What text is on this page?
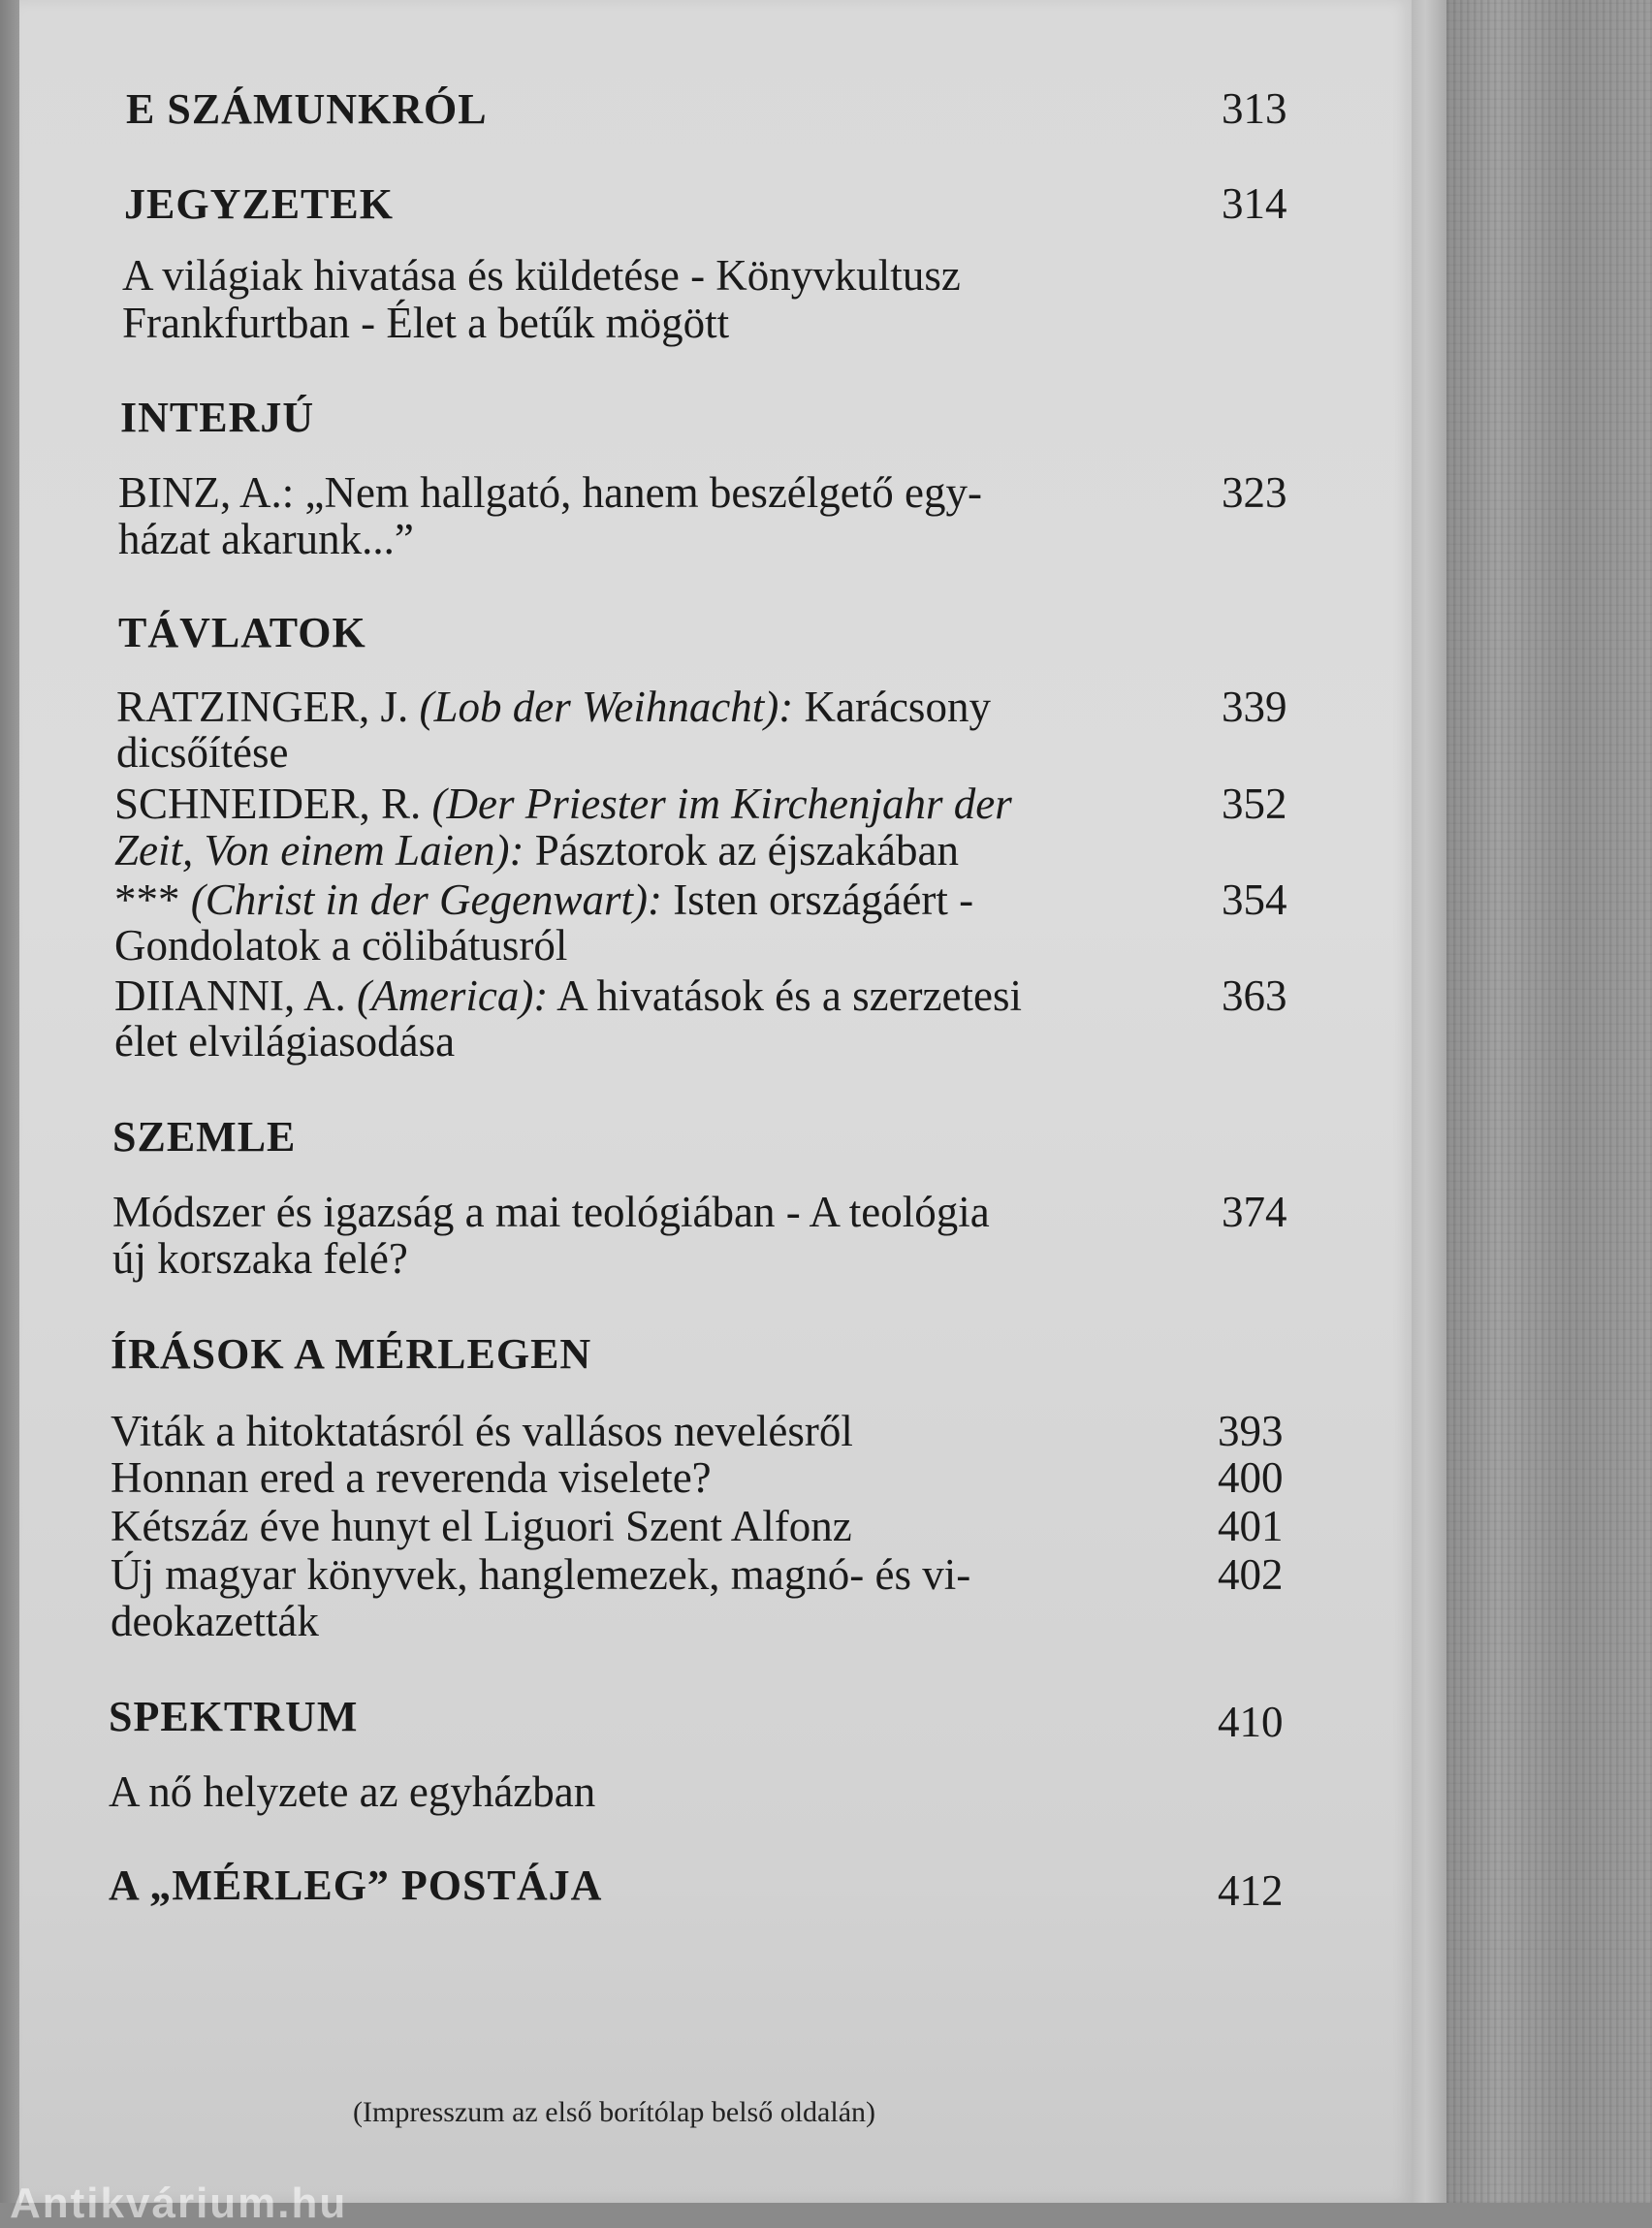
E SZÁMUNKRÓL	313
JEGYZETEK	314
A világiak hivatása és küldetése - Könyvkultusz
Frankfurtban - Élet a betűk mögött
INTERJÚ
BINZ, A.: „Nem hallgató, hanem beszélgető egy-	323
házat akarunk...”
TÁVLATOK
RATZINGER, J. (Lob der Weihnacht): Karácsony	339
dicsőítése
SCHNEIDER, R. (Der Priester im Kirchenjahr der	352
Zeit, Von einem Laien): Pásztorok az éjszakában
*** (Christ in der Gegenwart): Isten országáért -	354
Gondolatok a cölibátusról
DIIANNI, A. (America): A hivatások és a szerzetesi	363
élet elvilágiasodása
SZEMLE
Módszer és igazság a mai teológiában - A teológia	374
új korszaka felé?
ÍRÁSOK A MÉRLEGEN
Viták a hitoktatásról és vallásos nevelésről	393
Honnan ered a reverenda viselete?	400
Kétszáz éve hunyt el Liguori Szent Alfonz	401
Új magyar könyvek, hanglemezek, magnó- és vi-	402
deokazetták
SPEKTRUM	410
A nő helyzete az egyházban
A „MÉRLEG” POSTÁJA	412
(Impresszum az első borítólap belső oldalán)
Antikvárium.hu
